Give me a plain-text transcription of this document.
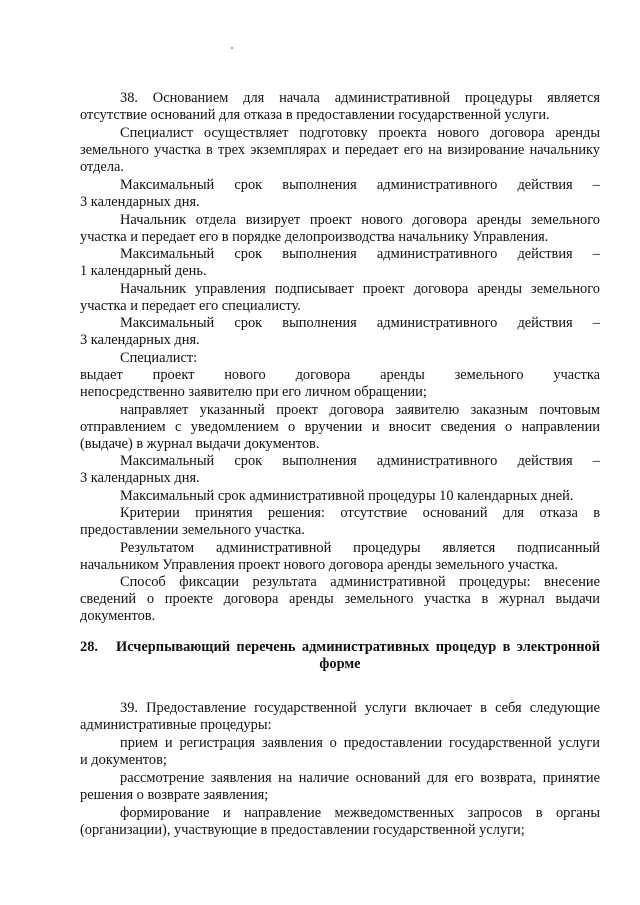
38. Основанием для начала административной процедуры является
отсутствие оснований для отказа в предоставлении государственной услуги.
Специалист осуществляет подготовку проекта нового договора аренды
земельного участка в трех экземплярах и передает его на визирование начальнику
отдела.
Максимальный срок выполнения административного действия –
3 календарных дня.
Начальник отдела визирует проект нового договора аренды земельного
участка и передает его в порядке делопроизводства начальнику Управления.
Максимальный срок выполнения административного действия –
1 календарный день.
Начальник управления подписывает проект договора аренды земельного
участка и передает его специалисту.
Максимальный срок выполнения административного действия –
3 календарных дня.
Специалист:
выдает проект нового договора аренды земельного участка
непосредственно заявителю при его личном обращении;
направляет указанный проект договора заявителю заказным почтовым
отправлением с уведомлением о вручении и вносит сведения о направлении
(выдаче) в журнал выдачи документов.
Максимальный срок выполнения административного действия –
3 календарных дня.
Максимальный срок административной процедуры 10 календарных дней.
Критерии принятия решения: отсутствие оснований для отказа в
предоставлении земельного участка.
Результатом административной процедуры является подписанный
начальником Управления проект нового договора аренды земельного участка.
Способ фиксации результата административной процедуры: внесение
сведений о проекте договора аренды земельного участка в журнал выдачи
документов.
28. Исчерпывающий перечень административных процедур в электронной
форме
39. Предоставление государственной услуги включает в себя следующие
административные процедуры:
прием и регистрация заявления о предоставлении государственной услуги
и документов;
рассмотрение заявления на наличие оснований для его возврата, принятие
решения о возврате заявления;
формирование и направление межведомственных запросов в органы
(организации), участвующие в предоставлении государственной услуги;
